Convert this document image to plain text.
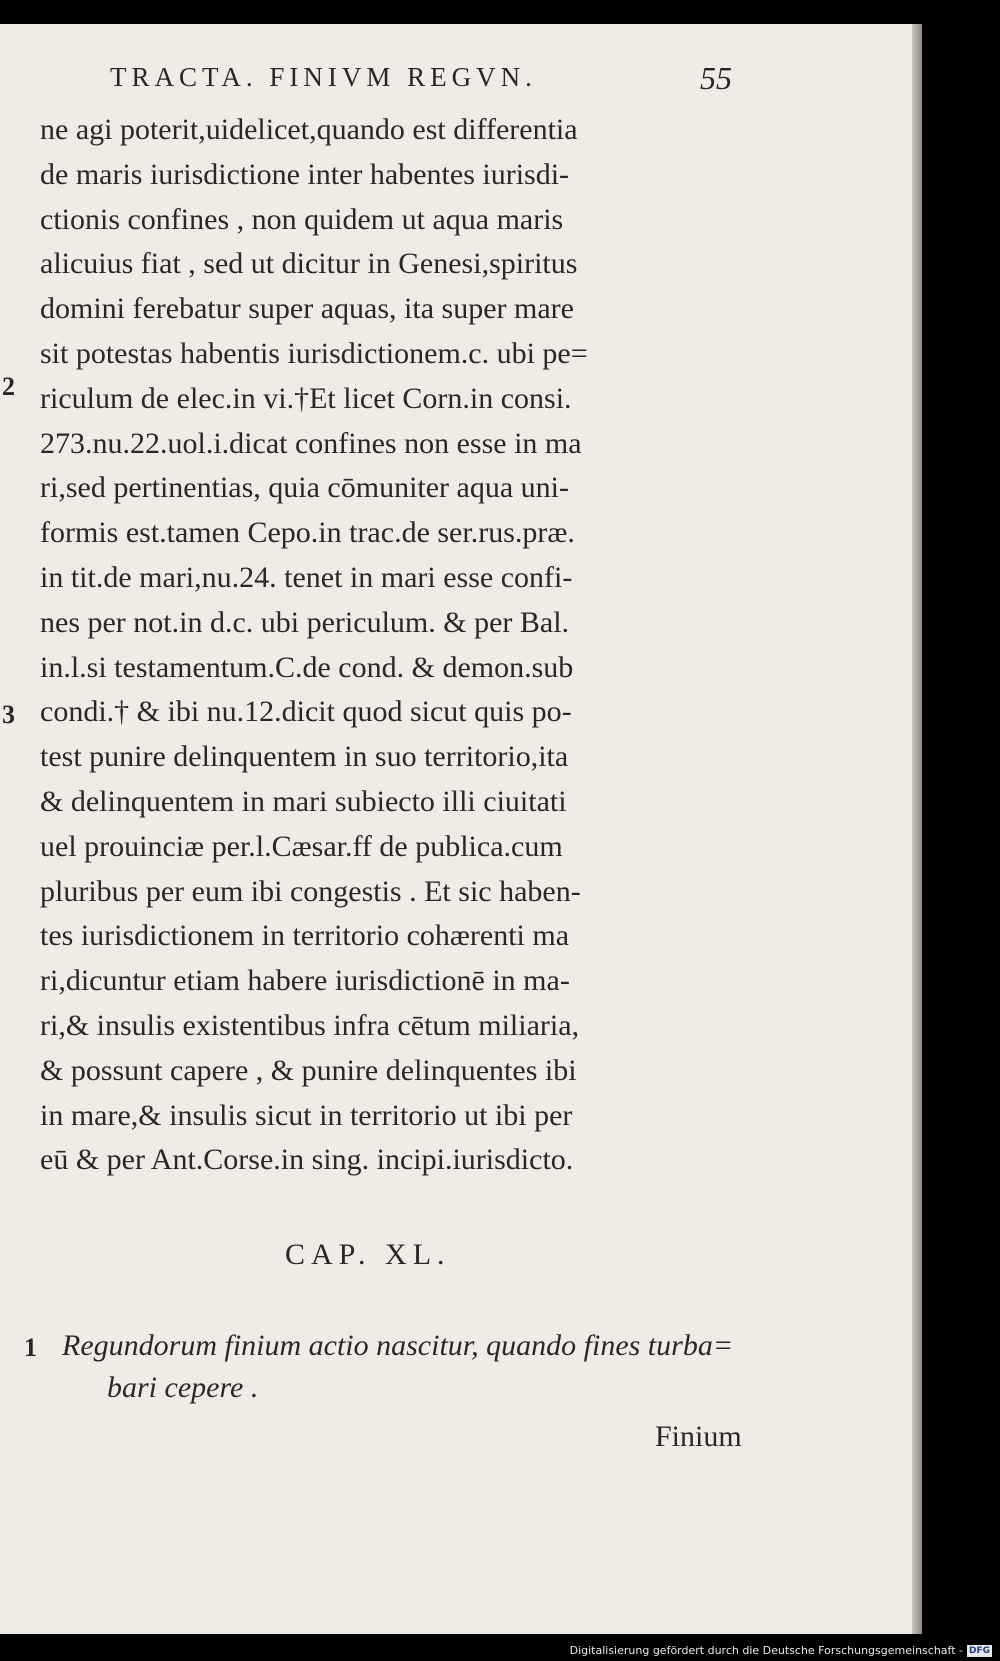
TRACTA. FINIVM REGVN.	55
2
3
ne agi poterit,uidelicet,quando est differentia
de maris iurisdictione inter habentes iurisdi-
ctionis confines , non quidem ut aqua maris
alicuius fiat , sed ut dicitur in Genesi,spiritus
domini ferebatur super aquas, ita super mare
sit potestas habentis iurisdictionem.c. ubi pe=
riculum de elec.in vi.†Et licet Corn.in consi.
273.nu.22.uol.i.dicat confines non esse in ma
ri,sed pertinentias, quia cōmuniter aqua uni-
formis est.tamen Cepo.in trac.de ser.rus.præ.
in tit.de mari,nu.24. tenet in mari esse confi-
nes per not.in d.c. ubi periculum. & per Bal.
in.l.si testamentum.C.de cond. & demon.sub
condi.† & ibi nu.12.dicit quod sicut quis po-
test punire delinquentem in suo territorio,ita
& delinquentem in mari subiecto illi ciuitati
uel prouinciæ per.l.Cæsar.ff de publica.cum
pluribus per eum ibi congestis . Et sic haben-
tes iurisdictionem in territorio cohærenti ma
ri,dicuntur etiam habere iurisdictionē in ma-
ri,& insulis existentibus infra cētum miliaria,
& possunt capere , & punire delinquentes ibi
in mare,& insulis sicut in territorio ut ibi per
eū & per Ant.Corse.in sing. incipi.iurisdicto.
CAP. XL.
1 Regundorum finium actio nascitur, quando fines turba=
bari cepere .
Finium
Digitalisierung gefördert durch die Deutsche Forschungsgemeinschaft - DFG
